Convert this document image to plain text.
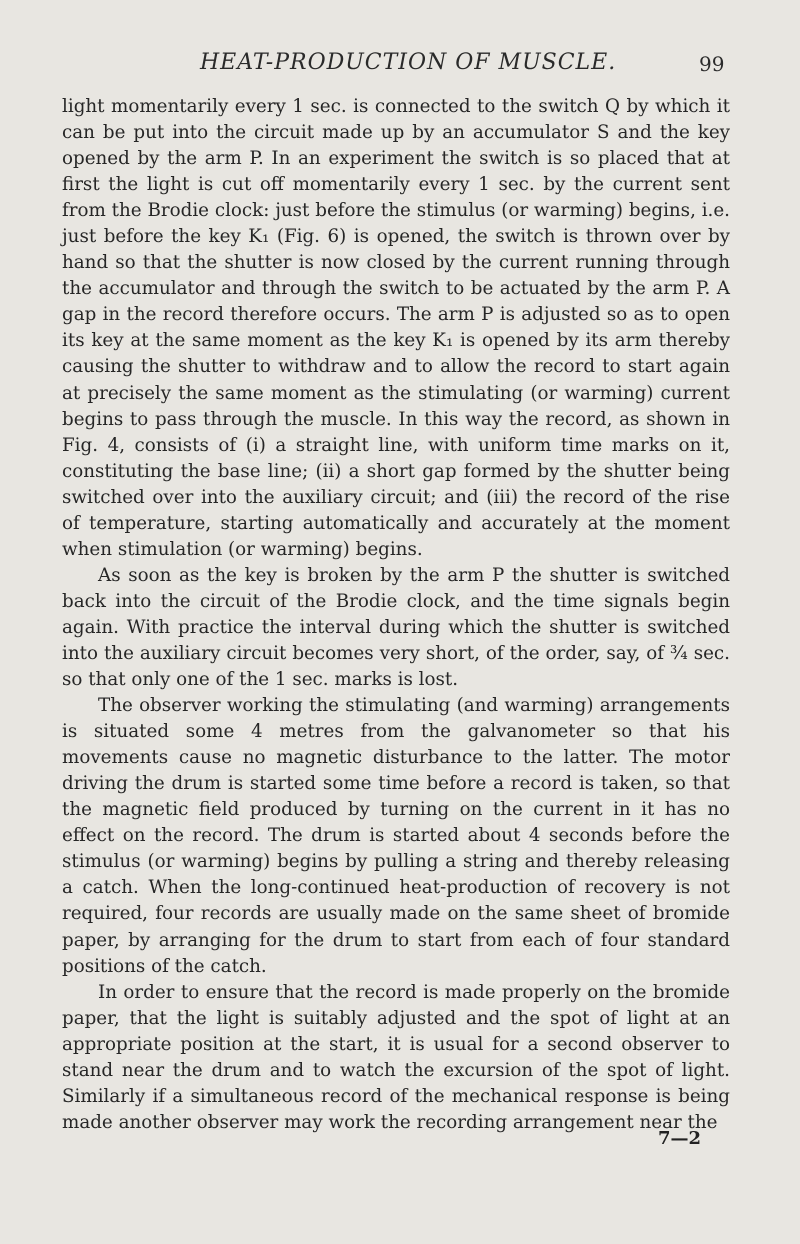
HEAT-PRODUCTION OF MUSCLE.	99

light momentarily every 1 sec. is connected to the switch Q by which it can be put into the circuit made up by an accumulator S and the key opened by the arm P. In an experiment the switch is so placed that at first the light is cut off momentarily every 1 sec. by the current sent from the Brodie clock: just before the stimulus (or warming) begins, i.e. just before the key K₁ (Fig. 6) is opened, the switch is thrown over by hand so that the shutter is now closed by the current running through the accumulator and through the switch to be actuated by the arm P. A gap in the record therefore occurs. The arm P is adjusted so as to open its key at the same moment as the key K₁ is opened by its arm thereby causing the shutter to withdraw and to allow the record to start again at precisely the same moment as the stimulating (or warming) current begins to pass through the muscle. In this way the record, as shown in Fig. 4, consists of (i) a straight line, with uniform time marks on it, constituting the base line; (ii) a short gap formed by the shutter being switched over into the auxiliary circuit; and (iii) the record of the rise of temperature, starting automatically and accurately at the moment when stimulation (or warming) begins.

As soon as the key is broken by the arm P the shutter is switched back into the circuit of the Brodie clock, and the time signals begin again. With practice the interval during which the shutter is switched into the auxiliary circuit becomes very short, of the order, say, of ¾ sec. so that only one of the 1 sec. marks is lost.

The observer working the stimulating (and warming) arrangements is situated some 4 metres from the galvanometer so that his movements cause no magnetic disturbance to the latter. The motor driving the drum is started some time before a record is taken, so that the magnetic field produced by turning on the current in it has no effect on the record. The drum is started about 4 seconds before the stimulus (or warming) begins by pulling a string and thereby releasing a catch. When the long-continued heat-production of recovery is not required, four records are usually made on the same sheet of bromide paper, by arranging for the drum to start from each of four standard positions of the catch.

In order to ensure that the record is made properly on the bromide paper, that the light is suitably adjusted and the spot of light at an appropriate position at the start, it is usual for a second observer to stand near the drum and to watch the excursion of the spot of light. Similarly if a simultaneous record of the mechanical response is being made another observer may work the recording arrangement near the

7—2
